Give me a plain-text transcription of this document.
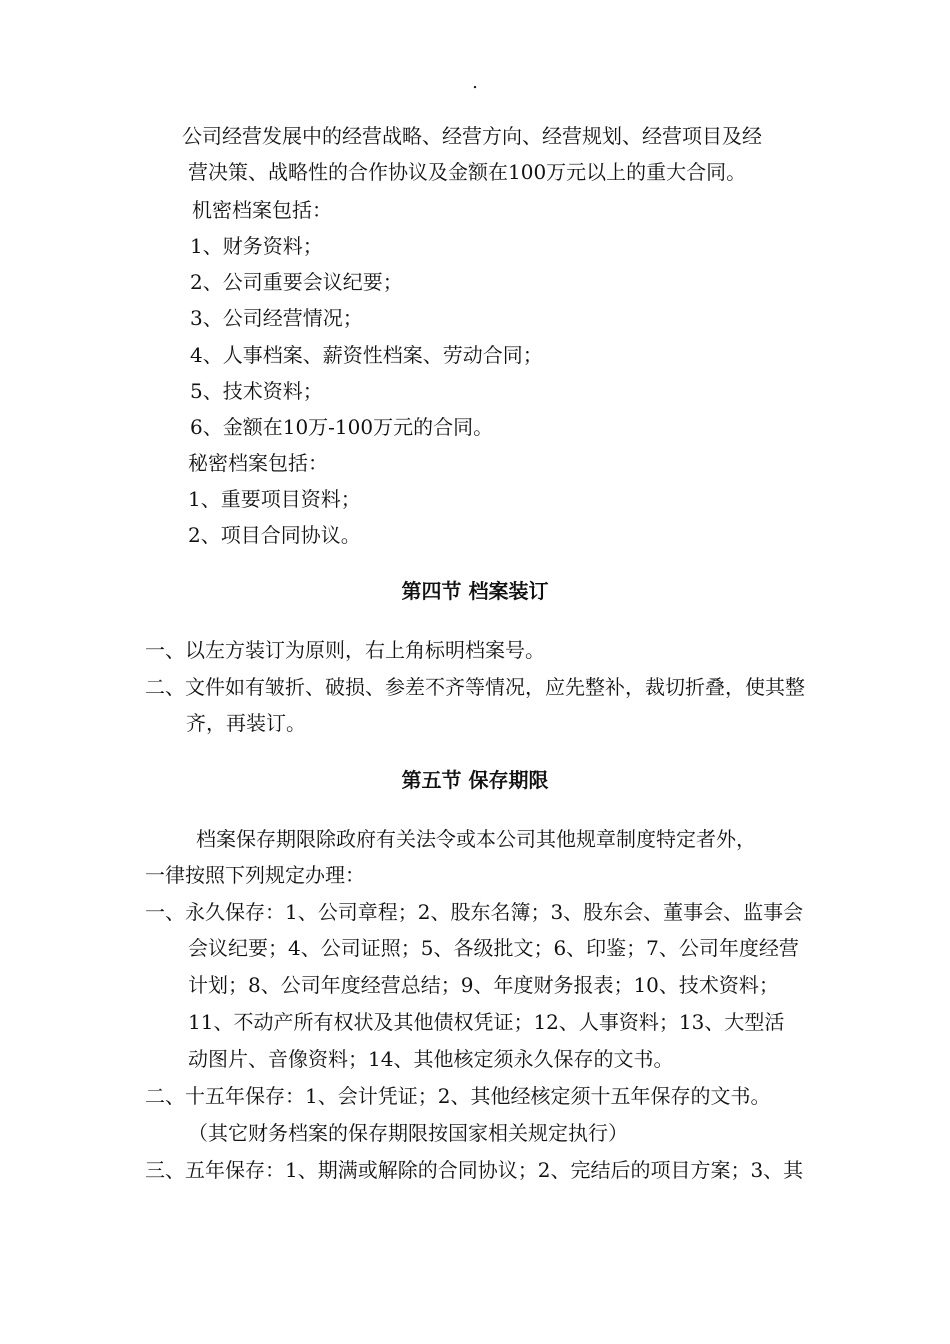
.
公司经营发展中的经营战略、经营方向、经营规划、经营项目及经
营决策、战略性的合作协议及金额在100万元以上的重大合同。
机密档案包括：
1、财务资料；
2、公司重要会议纪要；
3、公司经营情况；
4、人事档案、薪资性档案、劳动合同；
5、技术资料；
6、金额在10万-100万元的合同。
秘密档案包括：
1、重要项目资料；
2、项目合同协议。
第四节 档案装订
一、以左方装订为原则，右上角标明档案号。
二、文件如有皱折、破损、参差不齐等情况，应先整补，裁切折叠，使其整
齐，再装订。
第五节 保存期限
档案保存期限除政府有关法令或本公司其他规章制度特定者外，
一律按照下列规定办理：
一、永久保存：1、公司章程；2、股东名簿；3、股东会、董事会、监事会
会议纪要；4、公司证照；5、各级批文；6、印鉴；7、公司年度经营
计划；8、公司年度经营总结；9、年度财务报表；10、技术资料；
11、不动产所有权状及其他债权凭证；12、人事资料；13、大型活
动图片、音像资料；14、其他核定须永久保存的文书。
二、十五年保存：1、会计凭证；2、其他经核定须十五年保存的文书。
（其它财务档案的保存期限按国家相关规定执行）
三、五年保存：1、期满或解除的合同协议；2、完结后的项目方案；3、其
